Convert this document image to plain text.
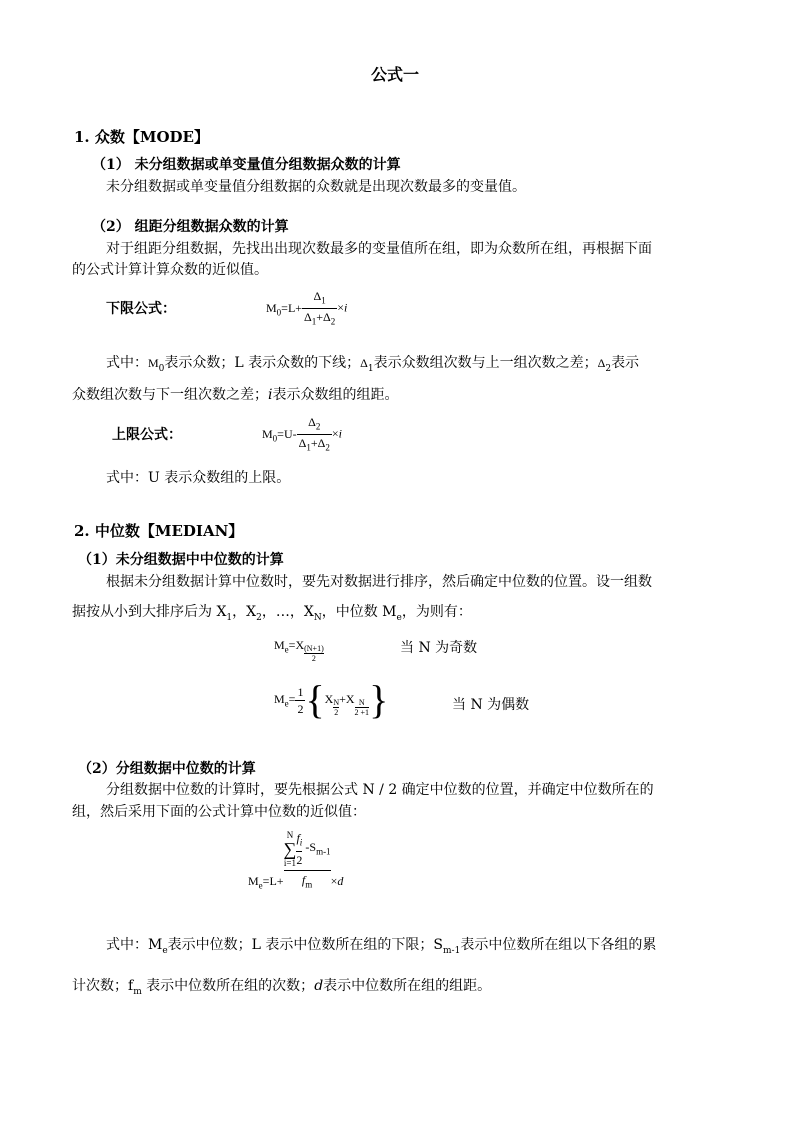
公式一
1. 众数【MODE】
（1） 未分组数据或单变量值分组数据众数的计算
未分组数据或单变量值分组数据的众数就是出现次数最多的变量值。
（2） 组距分组数据众数的计算
对于组距分组数据，先找出出现次数最多的变量值所在组，即为众数所在组，再根据下面
的公式计算计算众数的近似值。
下限公式：	$M_0=L+ \frac{\Delta_1}{\Delta_1+\Delta_2} \times i$
式中：$M_0$表示众数；L 表示众数的下线；$\Delta_1$表示众数组次数与上一组次数之差；$\Delta_2$表示
众数组次数与下一组次数之差；i表示众数组的组距。
上限公式：	$M_0=U- \frac{\Delta_2}{\Delta_1+\Delta_2} \times i$
式中：U 表示众数组的上限。
2. 中位数【MEDIAN】
（1）未分组数据中中位数的计算
根据未分组数据计算中位数时，要先对数据进行排序，然后确定中位数的位置。设一组数
据按从小到大排序后为 $X_1$，$X_2$，…，$X_N$，中位数 $M_e$，为则有：
$M_e=X \frac{(N+1)}{2}$	当 N 为奇数
$M_e= \frac{1}{2} \{X \frac{N}{2} +X \frac{N}{2 +1}$ }	当 N 为偶数
（2）分组数据中位数的计算
分组数据中位数的计算时，要先根据公式 N / 2 确定中位数的位置，并确定中位数所在的
组，然后采用下面的公式计算中位数的近似值：
$M_e=L+ N$
∑
$i=1 \frac{f_i}{2} -S_{m-1}$
$f_m \times d$
式中：$M_e$表示中位数；L 表示中位数所在组的下限；$S_{m-1}$表示中位数所在组以下各组的累
计次数；$f_m$ 表示中位数所在组的次数；d表示中位数所在组的组距。
